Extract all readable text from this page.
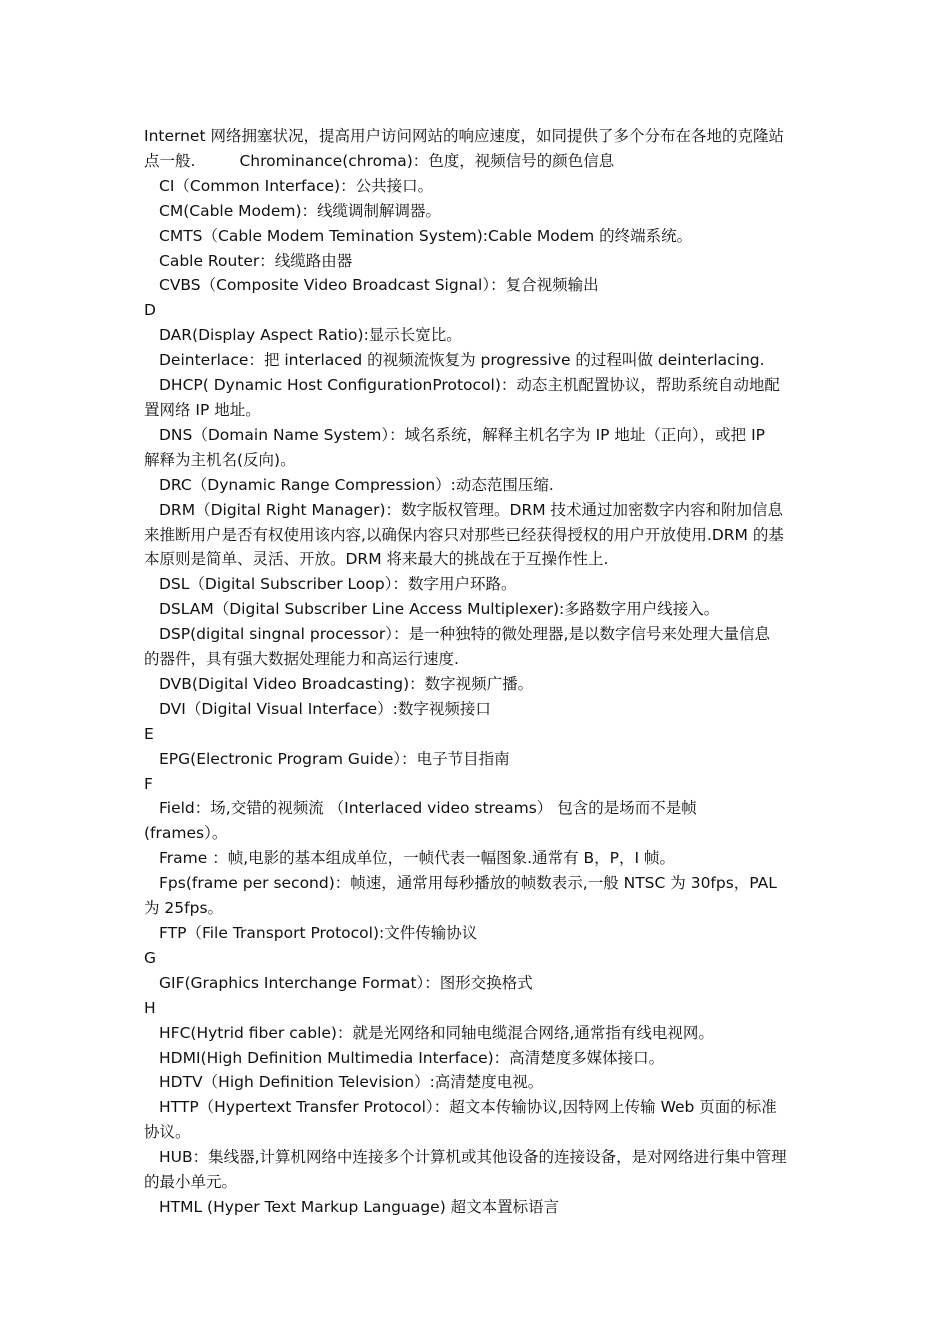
Internet 网络拥塞状况，提高用户访问网站的响应速度，如同提供了多个分布在各地的克隆站

点一般.	Chrominance(chroma)：色度，视频信号的颜色信息

CI（Common Interface)：公共接口。

CM(Cable Modem)：线缆调制解调器。

CMTS（Cable Modem Temination System):Cable Modem 的终端系统。

Cable Router：线缆路由器

CVBS（Composite Video Broadcast Signal）：复合视频输出

D

DAR(Display Aspect Ratio):显示长宽比。

Deinterlace：把 interlaced 的视频流恢复为 progressive 的过程叫做 deinterlacing.

DHCP( Dynamic Host ConfigurationProtocol)：动态主机配置协议，帮助系统自动地配

置网络 IP 地址。

DNS（Domain Name System）：域名系统，解释主机名字为 IP 地址（正向），或把 IP

解释为主机名(反向)。

DRC（Dynamic Range Compression）:动态范围压缩.

DRM（Digital Right Manager)：数字版权管理。DRM 技术通过加密数字内容和附加信息

来推断用户是否有权使用该内容,以确保内容只对那些已经获得授权的用户开放使用.DRM 的基

本原则是简单、灵活、开放。DRM 将来最大的挑战在于互操作性上.

DSL（Digital Subscriber Loop）：数字用户环路。

DSLAM（Digital Subscriber Line Access Multiplexer):多路数字用户线接入。

DSP(digital singnal processor）：是一种独特的微处理器,是以数字信号来处理大量信息

的器件，具有强大数据处理能力和高运行速度.

DVB(Digital Video Broadcasting)：数字视频广播。

DVI（Digital Visual Interface）:数字视频接口

E

EPG(Electronic Program Guide）：电子节目指南

F

Field：场,交错的视频流 （Interlaced video streams） 包含的是场而不是帧

(frames）。

Frame ：帧,电影的基本组成单位，一帧代表一幅图象.通常有 B，P，I 帧。

Fps(frame per second)：帧速，通常用每秒播放的帧数表示,一般 NTSC 为 30fps，PAL

为 25fps。

FTP（File Transport Protocol):文件传输协议

G

GIF(Graphics Interchange Format）：图形交换格式

H

HFC(Hytrid fiber cable)：就是光网络和同轴电缆混合网络,通常指有线电视网。

HDMI(High Definition Multimedia Interface)：高清楚度多媒体接口。

HDTV（High Definition Television）:高清楚度电视。

HTTP（Hypertext Transfer Protocol）：超文本传输协议,因特网上传输 Web 页面的标准

协议。

HUB：集线器,计算机网络中连接多个计算机或其他设备的连接设备，是对网络进行集中管理

的最小单元。

HTML (Hyper Text Markup Language) 超文本置标语言
